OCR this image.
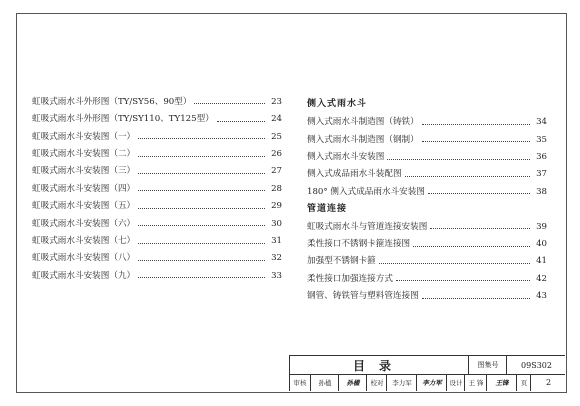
虹吸式雨水斗外形图（TY/SY56、90型）	23
虹吸式雨水斗外形图（TY/SY110、TY125型）	24
虹吸式雨水斗安装图（一）	25
虹吸式雨水斗安装图（二）	26
虹吸式雨水斗安装图（三）	27
虹吸式雨水斗安装图（四）	28
虹吸式雨水斗安装图（五）	29
虹吸式雨水斗安装图（六）	30
虹吸式雨水斗安装图（七）	31
虹吸式雨水斗安装图（八）	32
虹吸式雨水斗安装图（九）	33
侧入式雨水斗
侧入式雨水斗制造图（铸铁）	34
侧入式雨水斗制造图（钢制）	35
侧入式雨水斗安装图	36
侧入式成品雨水斗装配图	37
180° 侧入式成品雨水斗安装图	38
管道连接
虹吸式雨水斗与管道连接安装图	39
柔性接口不锈钢卡箍连接图	40
加强型不锈钢卡箍	41
柔性接口加强连接方式	42
钢管、铸铁管与塑料管连接图	43
目录	图集号	09S302
审核	孙楹	孙楹	校对	李力军	李力军	设计 王 锋	王锋	页	2
